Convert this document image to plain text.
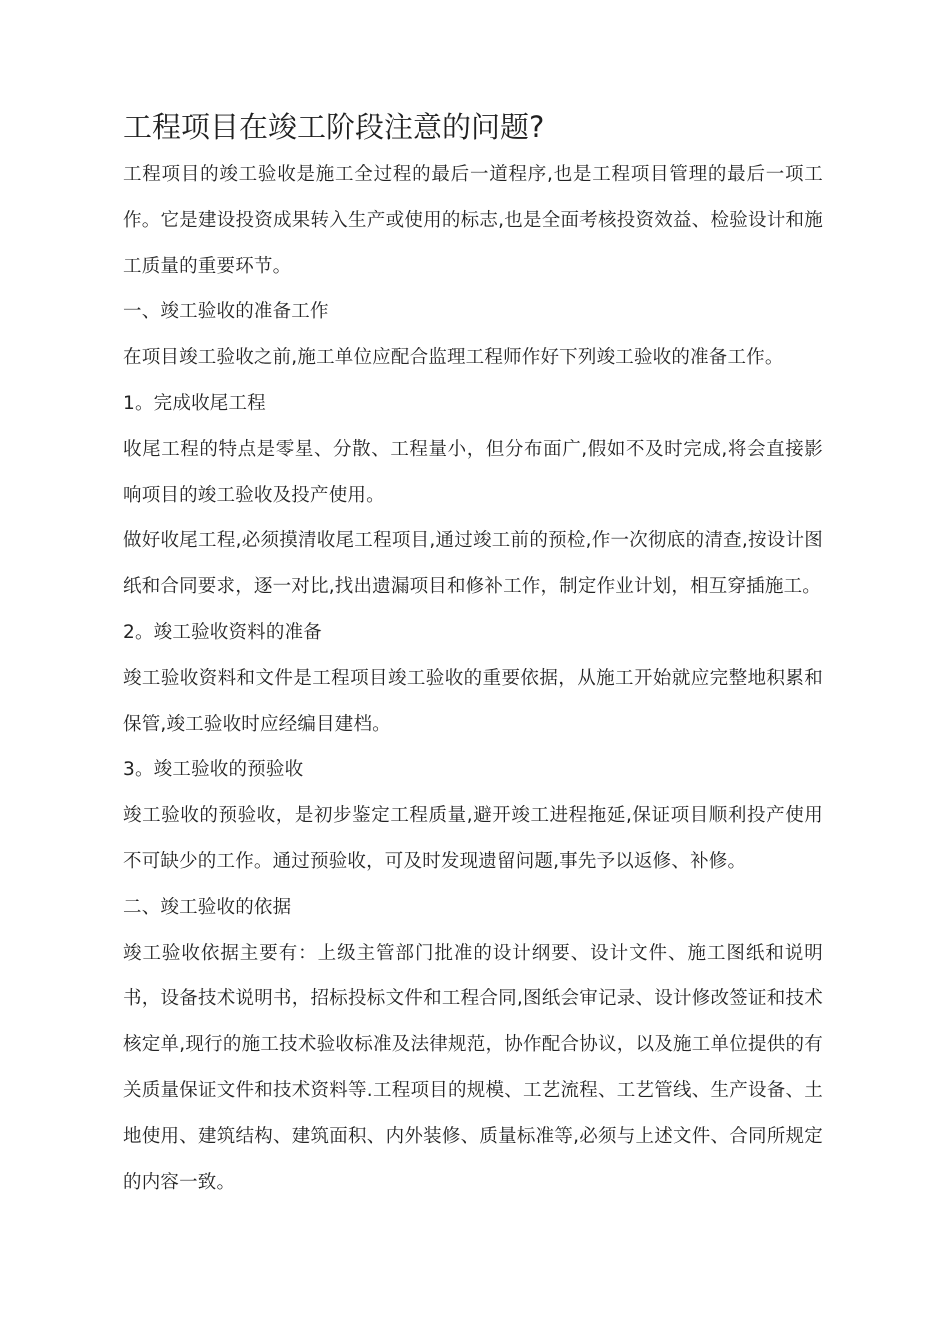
工程项目在竣工阶段注意的问题?

工程项目的竣工验收是施工全过程的最后一道程序,也是工程项目管理的最后一项工作。它是建设投资成果转入生产或使用的标志,也是全面考核投资效益、检验设计和施工质量的重要环节。

一、竣工验收的准备工作

在项目竣工验收之前,施工单位应配合监理工程师作好下列竣工验收的准备工作。

1。完成收尾工程

收尾工程的特点是零星、分散、工程量小，但分布面广,假如不及时完成,将会直接影响项目的竣工验收及投产使用。

做好收尾工程,必须摸清收尾工程项目,通过竣工前的预检,作一次彻底的清查,按设计图纸和合同要求，逐一对比,找出遗漏项目和修补工作，制定作业计划，相互穿插施工。

2。竣工验收资料的准备

竣工验收资料和文件是工程项目竣工验收的重要依据，从施工开始就应完整地积累和保管,竣工验收时应经编目建档。

3。竣工验收的预验收

竣工验收的预验收，是初步鉴定工程质量,避开竣工进程拖延,保证项目顺利投产使用不可缺少的工作。通过预验收，可及时发现遗留问题,事先予以返修、补修。

二、竣工验收的依据

竣工验收依据主要有：上级主管部门批准的设计纲要、设计文件、施工图纸和说明书，设备技术说明书，招标投标文件和工程合同,图纸会审记录、设计修改签证和技术核定单,现行的施工技术验收标准及法律规范，协作配合协议，以及施工单位提供的有关质量保证文件和技术资料等.工程项目的规模、工艺流程、工艺管线、生产设备、土地使用、建筑结构、建筑面积、内外装修、质量标准等,必须与上述文件、合同所规定的内容一致。
